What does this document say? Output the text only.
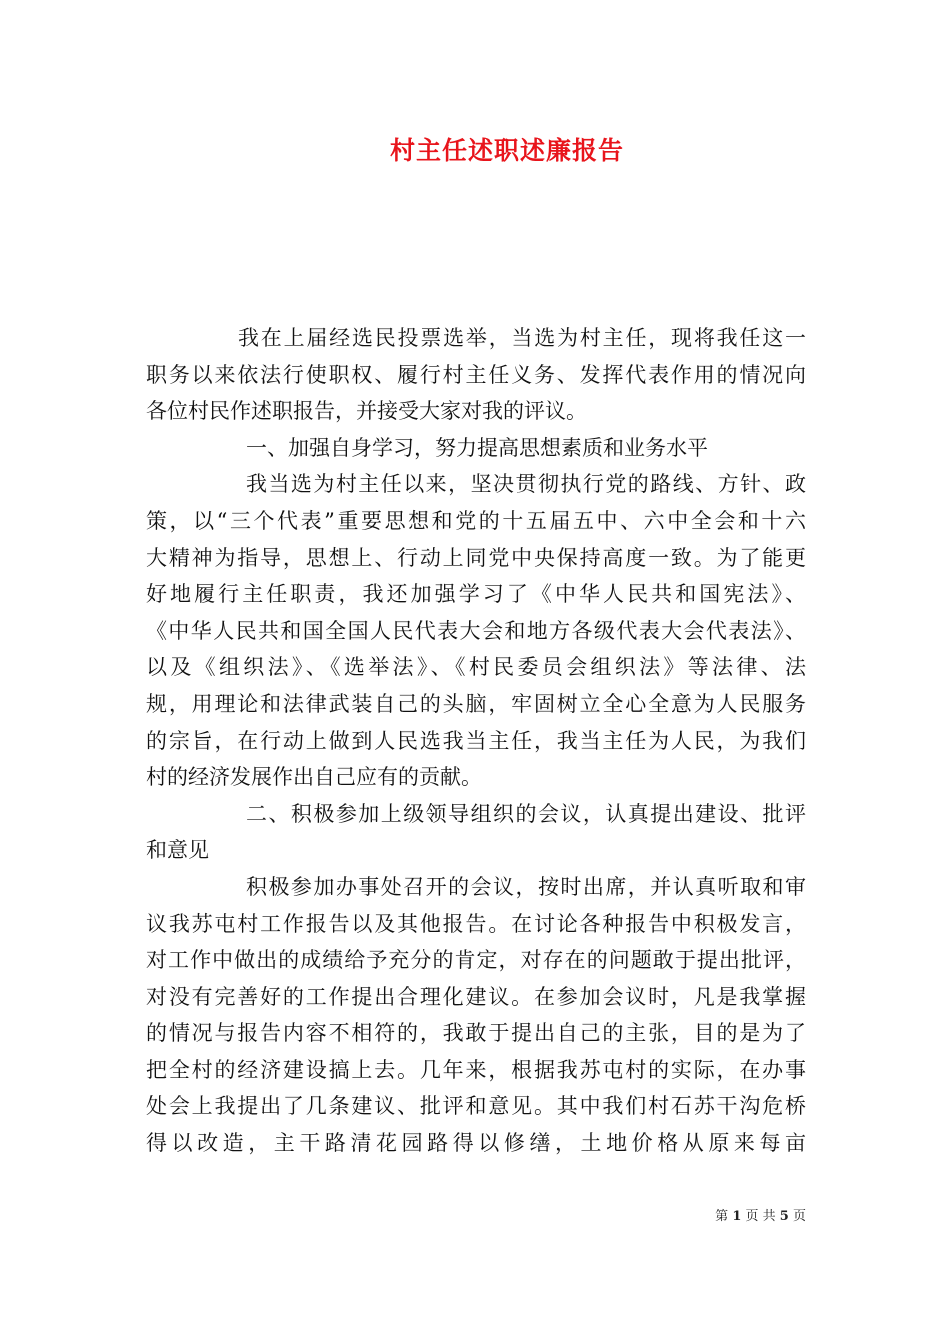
村主任述职述廉报告
我在上届经选民投票选举，当选为村主任，现将我任这一
职务以来依法行使职权、履行村主任义务、发挥代表作用的情况向
各位村民作述职报告，并接受大家对我的评议。
一、加强自身学习，努力提高思想素质和业务水平
我当选为村主任以来，坚决贯彻执行党的路线、方针、政
策，以“三个代表”重要思想和党的十五届五中、六中全会和十六
大精神为指导，思想上、行动上同党中央保持高度一致。为了能更
好地履行主任职责，我还加强学习了《中华人民共和国宪法》、
《中华人民共和国全国人民代表大会和地方各级代表大会代表法》、
以及《组织法》、《选举法》、《村民委员会组织法》等法律、法
规，用理论和法律武装自己的头脑，牢固树立全心全意为人民服务
的宗旨，在行动上做到人民选我当主任，我当主任为人民，为我们
村的经济发展作出自己应有的贡献。
二、积极参加上级领导组织的会议，认真提出建设、批评
和意见
积极参加办事处召开的会议，按时出席，并认真听取和审
议我苏屯村工作报告以及其他报告。在讨论各种报告中积极发言，
对工作中做出的成绩给予充分的肯定，对存在的问题敢于提出批评，
对没有完善好的工作提出合理化建议。在参加会议时，凡是我掌握
的情况与报告内容不相符的，我敢于提出自己的主张，目的是为了
把全村的经济建设搞上去。几年来，根据我苏屯村的实际，在办事
处会上我提出了几条建议、批评和意见。其中我们村石苏干沟危桥
得以改造，主干路清花园路得以修缮，土地价格从原来每亩
第 1 页 共 5 页
